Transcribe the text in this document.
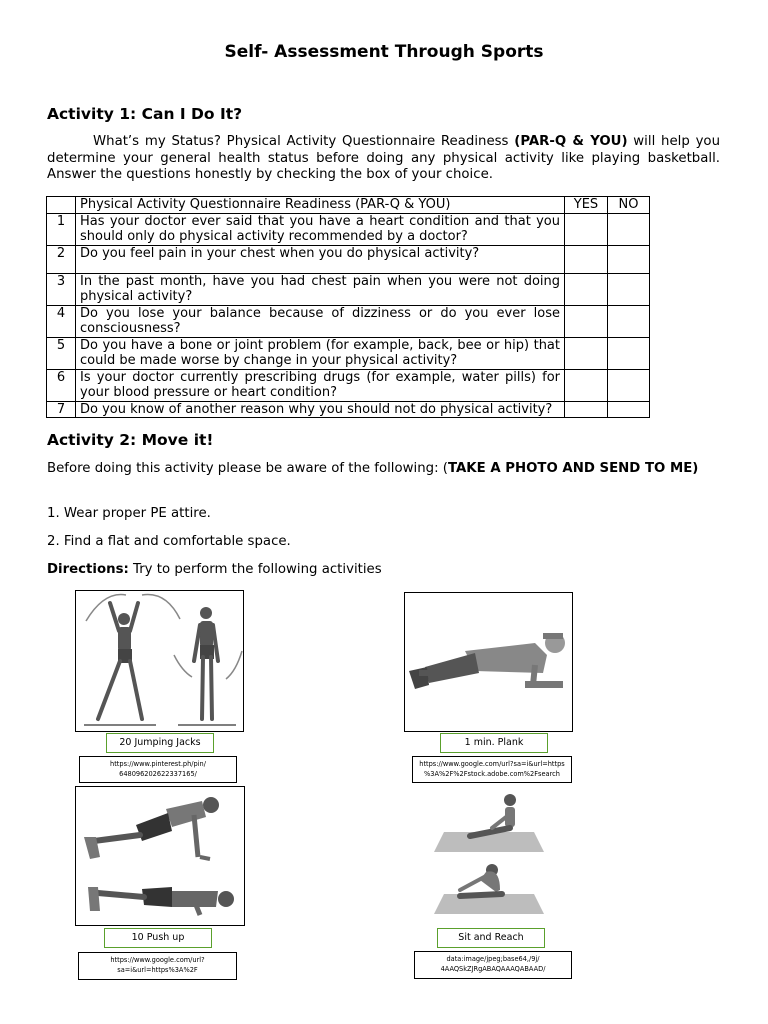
Self- Assessment Through Sports
Activity 1: Can I Do It?
What’s my Status? Physical Activity Questionnaire Readiness (PAR-Q & YOU) will help you determine your general health status before doing any physical activity like playing basketball. Answer the questions honestly by checking the box of your choice.
	Physical Activity Questionnaire Readiness (PAR-Q & YOU)	YES	NO
1	Has your doctor ever said that you have a heart condition and that you should only do physical activity recommended by a doctor?		
2	Do you feel pain in your chest when you do physical activity?		
3	In the past month, have you had chest pain when you were not doing physical activity?		
4	Do you lose your balance because of dizziness or do you ever lose consciousness?		
5	Do you have a bone or joint problem (for example, back, bee or hip) that could be made worse by change in your physical activity?		
6	Is your doctor currently prescribing drugs (for example, water pills) for your blood pressure or heart condition?		
7	Do you know of another reason why you should not do physical activity?		
Activity 2: Move it!
Before doing this activity please be aware of the following: (TAKE A PHOTO AND SEND TO ME)
1. Wear proper PE attire.
2. Find a flat and comfortable space.
Directions: Try to perform the following activities
20 Jumping Jacks
https://www.pinterest.ph/pin/
648096202622337165/
1 min. Plank
https://www.google.com/url?sa=i&url=https
%3A%2F%2Fstock.adobe.com%2Fsearch
10 Push up
https://www.google.com/url?
sa=i&url=https%3A%2F
Sit and Reach
data:image/jpeg;base64,/9j/
4AAQSkZJRgABAQAAAQABAAD/
